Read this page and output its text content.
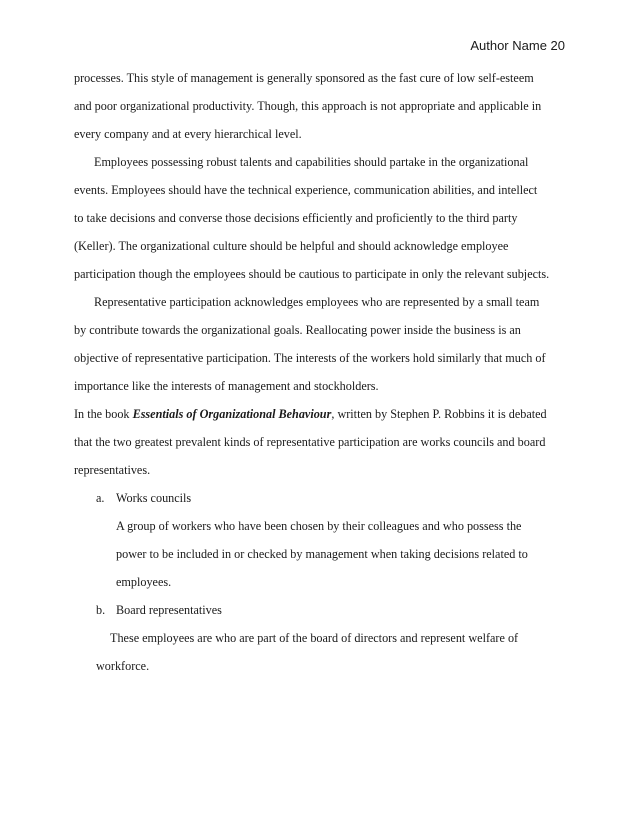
Author Name 20
processes. This style of management is generally sponsored as the fast cure of low self-esteem
and poor organizational productivity. Though, this approach is not appropriate and applicable in
every company and at every hierarchical level.
Employees possessing robust talents and capabilities should partake in the organizational
events. Employees should have the technical experience, communication abilities, and intellect
to take decisions and converse those decisions efficiently and proficiently to the third party
(Keller). The organizational culture should be helpful and should acknowledge employee
participation though the employees should be cautious to participate in only the relevant subjects.
Representative participation acknowledges employees who are represented by a small team
by contribute towards the organizational goals. Reallocating power inside the business is an
objective of representative participation. The interests of the workers hold similarly that much of
importance like the interests of management and stockholders.
In the book Essentials of Organizational Behaviour, written by Stephen P. Robbins it is debated
that the two greatest prevalent kinds of representative participation are works councils and board
representatives.
a. Works councils
A group of workers who have been chosen by their colleagues and who possess the
power to be included in or checked by management when taking decisions related to
employees.
b. Board representatives
These employees are who are part of the board of directors and represent welfare of
workforce.
